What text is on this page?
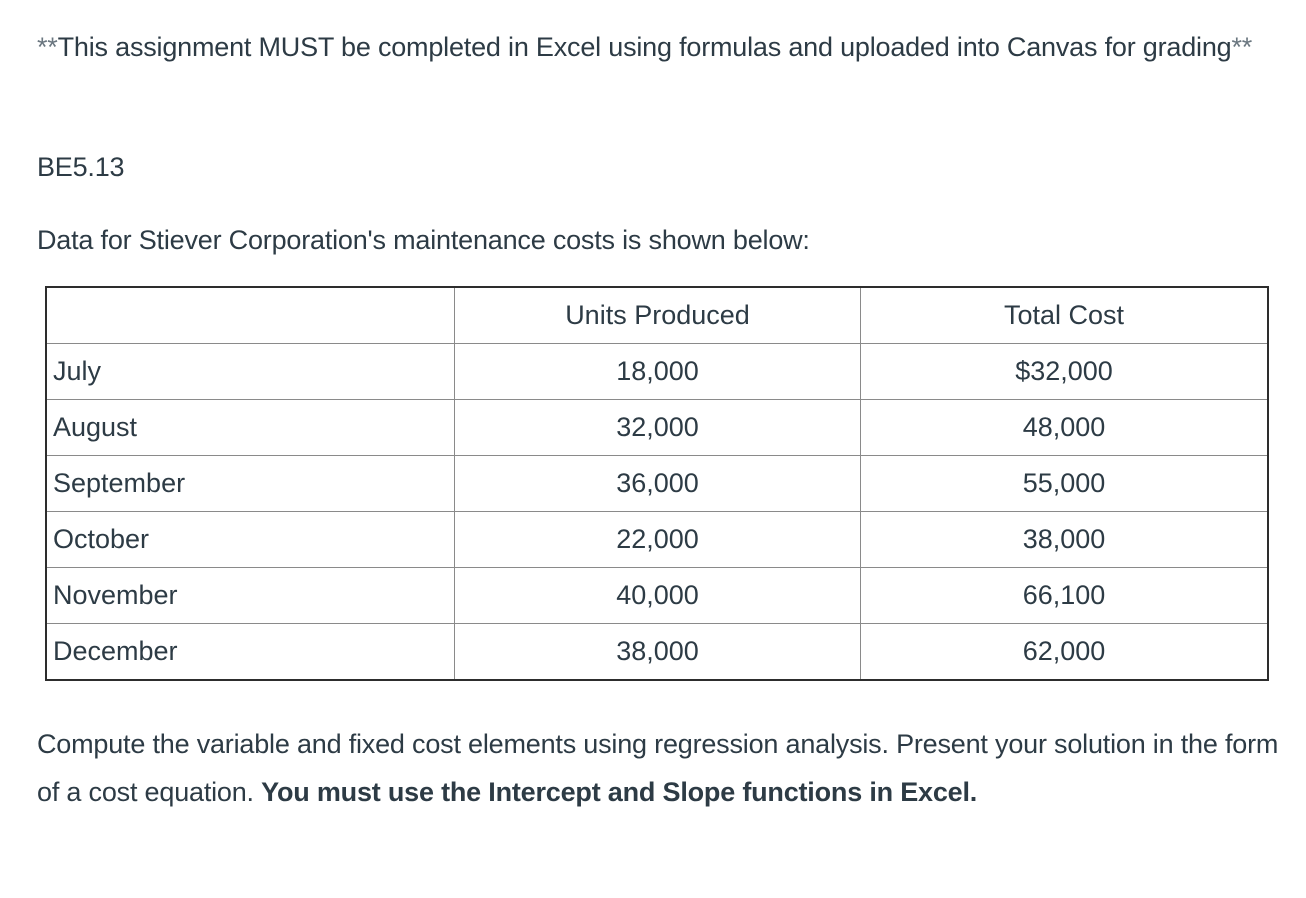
**This assignment MUST be completed in Excel using formulas and uploaded into Canvas for grading**

BE5.13

Data for Stiever Corporation's maintenance costs is shown below:

	Units Produced	Total Cost
July	18,000	$32,000
August	32,000	48,000
September	36,000	55,000
October	22,000	38,000
November	40,000	66,100
December	38,000	62,000

Compute the variable and fixed cost elements using regression analysis. Present your solution in the form of a cost equation. You must use the Intercept and Slope functions in Excel.
